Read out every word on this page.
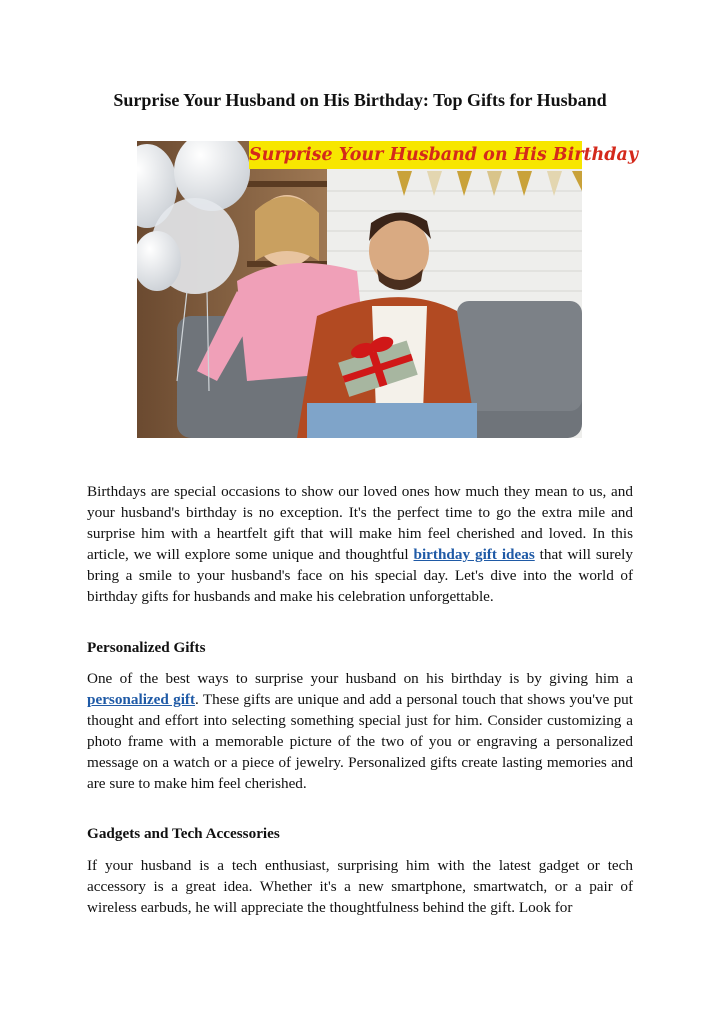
Surprise Your Husband on His Birthday: Top Gifts for Husband
Surprise Your Husband on His Birthday

Birthdays are special occasions to show our loved ones how much they mean to us, and your husband's birthday is no exception. It's the perfect time to go the extra mile and surprise him with a heartfelt gift that will make him feel cherished and loved. In this article, we will explore some unique and thoughtful birthday gift ideas that will surely bring a smile to your husband's face on his special day. Let's dive into the world of birthday gifts for husbands and make his celebration unforgettable.

Personalized Gifts

One of the best ways to surprise your husband on his birthday is by giving him a personalized gift. These gifts are unique and add a personal touch that shows you've put thought and effort into selecting something special just for him. Consider customizing a photo frame with a memorable picture of the two of you or engraving a personalized message on a watch or a piece of jewelry. Personalized gifts create lasting memories and are sure to make him feel cherished.

Gadgets and Tech Accessories

If your husband is a tech enthusiast, surprising him with the latest gadget or tech accessory is a great idea. Whether it's a new smartphone, smartwatch, or a pair of wireless earbuds, he will appreciate the thoughtfulness behind the gift. Look for
